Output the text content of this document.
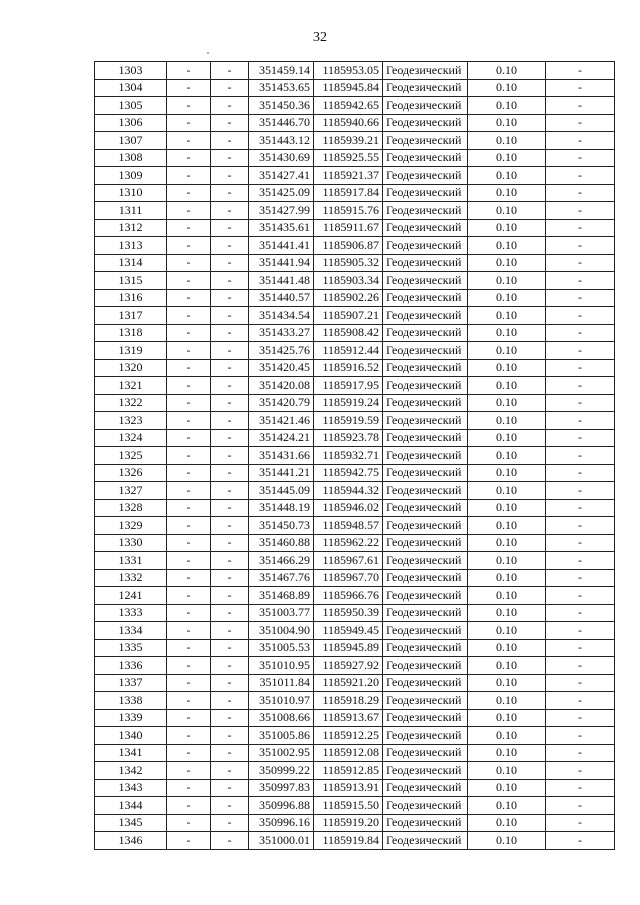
32
1303	-	-	351459.14	1185953.05	Геодезический	0.10	-
1304	-	-	351453.65	1185945.84	Геодезический	0.10	-
1305	-	-	351450.36	1185942.65	Геодезический	0.10	-
1306	-	-	351446.70	1185940.66	Геодезический	0.10	-
1307	-	-	351443.12	1185939.21	Геодезический	0.10	-
1308	-	-	351430.69	1185925.55	Геодезический	0.10	-
1309	-	-	351427.41	1185921.37	Геодезический	0.10	-
1310	-	-	351425.09	1185917.84	Геодезический	0.10	-
1311	-	-	351427.99	1185915.76	Геодезический	0.10	-
1312	-	-	351435.61	1185911.67	Геодезический	0.10	-
1313	-	-	351441.41	1185906.87	Геодезический	0.10	-
1314	-	-	351441.94	1185905.32	Геодезический	0.10	-
1315	-	-	351441.48	1185903.34	Геодезический	0.10	-
1316	-	-	351440.57	1185902.26	Геодезический	0.10	-
1317	-	-	351434.54	1185907.21	Геодезический	0.10	-
1318	-	-	351433.27	1185908.42	Геодезический	0.10	-
1319	-	-	351425.76	1185912.44	Геодезический	0.10	-
1320	-	-	351420.45	1185916.52	Геодезический	0.10	-
1321	-	-	351420.08	1185917.95	Геодезический	0.10	-
1322	-	-	351420.79	1185919.24	Геодезический	0.10	-
1323	-	-	351421.46	1185919.59	Геодезический	0.10	-
1324	-	-	351424.21	1185923.78	Геодезический	0.10	-
1325	-	-	351431.66	1185932.71	Геодезический	0.10	-
1326	-	-	351441.21	1185942.75	Геодезический	0.10	-
1327	-	-	351445.09	1185944.32	Геодезический	0.10	-
1328	-	-	351448.19	1185946.02	Геодезический	0.10	-
1329	-	-	351450.73	1185948.57	Геодезический	0.10	-
1330	-	-	351460.88	1185962.22	Геодезический	0.10	-
1331	-	-	351466.29	1185967.61	Геодезический	0.10	-
1332	-	-	351467.76	1185967.70	Геодезический	0.10	-
1241	-	-	351468.89	1185966.76	Геодезический	0.10	-
1333	-	-	351003.77	1185950.39	Геодезический	0.10	-
1334	-	-	351004.90	1185949.45	Геодезический	0.10	-
1335	-	-	351005.53	1185945.89	Геодезический	0.10	-
1336	-	-	351010.95	1185927.92	Геодезический	0.10	-
1337	-	-	351011.84	1185921.20	Геодезический	0.10	-
1338	-	-	351010.97	1185918.29	Геодезический	0.10	-
1339	-	-	351008.66	1185913.67	Геодезический	0.10	-
1340	-	-	351005.86	1185912.25	Геодезический	0.10	-
1341	-	-	351002.95	1185912.08	Геодезический	0.10	-
1342	-	-	350999.22	1185912.85	Геодезический	0.10	-
1343	-	-	350997.83	1185913.91	Геодезический	0.10	-
1344	-	-	350996.88	1185915.50	Геодезический	0.10	-
1345	-	-	350996.16	1185919.20	Геодезический	0.10	-
1346	-	-	351000.01	1185919.84	Геодезический	0.10	-
